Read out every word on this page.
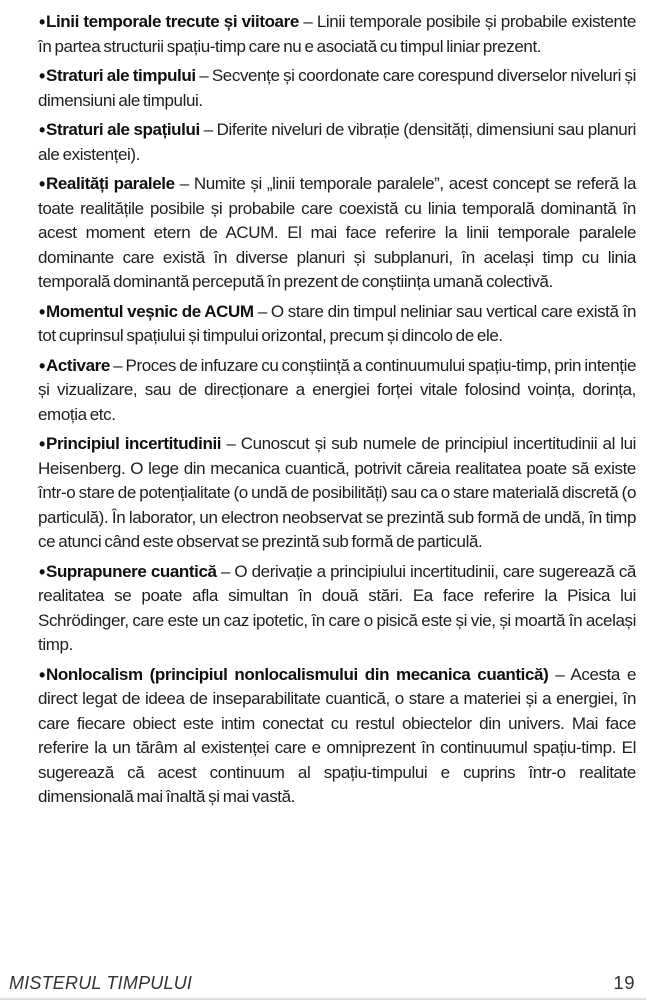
• Linii temporale trecute și viitoare – Linii temporale posibile și probabile existente în partea structurii spațiu-timp care nu e asociată cu timpul liniar prezent.

• Straturi ale timpului – Secvențe și coordonate care corespund diverselor niveluri și dimensiuni ale timpului.

• Straturi ale spațiului – Diferite niveluri de vibrație (densități, dimensiuni sau planuri ale existenței).

• Realități paralele – Numite și „linii temporale paralele”, acest concept se referă la toate realitățile posibile și probabile care coexistă cu linia temporală dominantă în acest moment etern de ACUM. El mai face referire la linii temporale paralele dominante care există în diverse planuri și subplanuri, în același timp cu linia temporală dominantă percepută în prezent de conștiința umană colectivă.

• Momentul veșnic de ACUM – O stare din timpul neliniar sau vertical care există în tot cuprinsul spațiului și timpului orizontal, precum și dincolo de ele.

• Activare – Proces de infuzare cu conștiință a continuumului spațiu-timp, prin intenție și vizualizare, sau de direcționare a energiei forței vitale folosind voința, dorința, emoția etc.

• Principiul incertitudinii – Cunoscut și sub numele de principiul incertitudinii al lui Heisenberg. O lege din mecanica cuantică, potrivit căreia realitatea poate să existe într-o stare de potențialitate (o undă de posibilități) sau ca o stare materială discretă (o particulă). În laborator, un electron neobservat se prezintă sub formă de undă, în timp ce atunci când este observat se prezintă sub formă de particulă.

• Suprapunere cuantică – O derivație a principiului incertitudinii, care sugerează că realitatea se poate afla simultan în două stări. Ea face referire la Pisica lui Schrödinger, care este un caz ipotetic, în care o pisică este și vie, și moartă în același timp.

• Nonlocalism (principiul nonlocalismului din mecanica cuantică) – Acesta e direct legat de ideea de inseparabilitate cuantică, o stare a materiei și a energiei, în care fiecare obiect este intim conectat cu restul obiectelor din univers. Mai face referire la un tărâm al existenței care e omniprezent în continuumul spațiu-timp. El sugerează că acest continuum al spațiu-timpului e cuprins într-o realitate dimensională mai înaltă și mai vastă.

MISTERUL TIMPULUI	19
